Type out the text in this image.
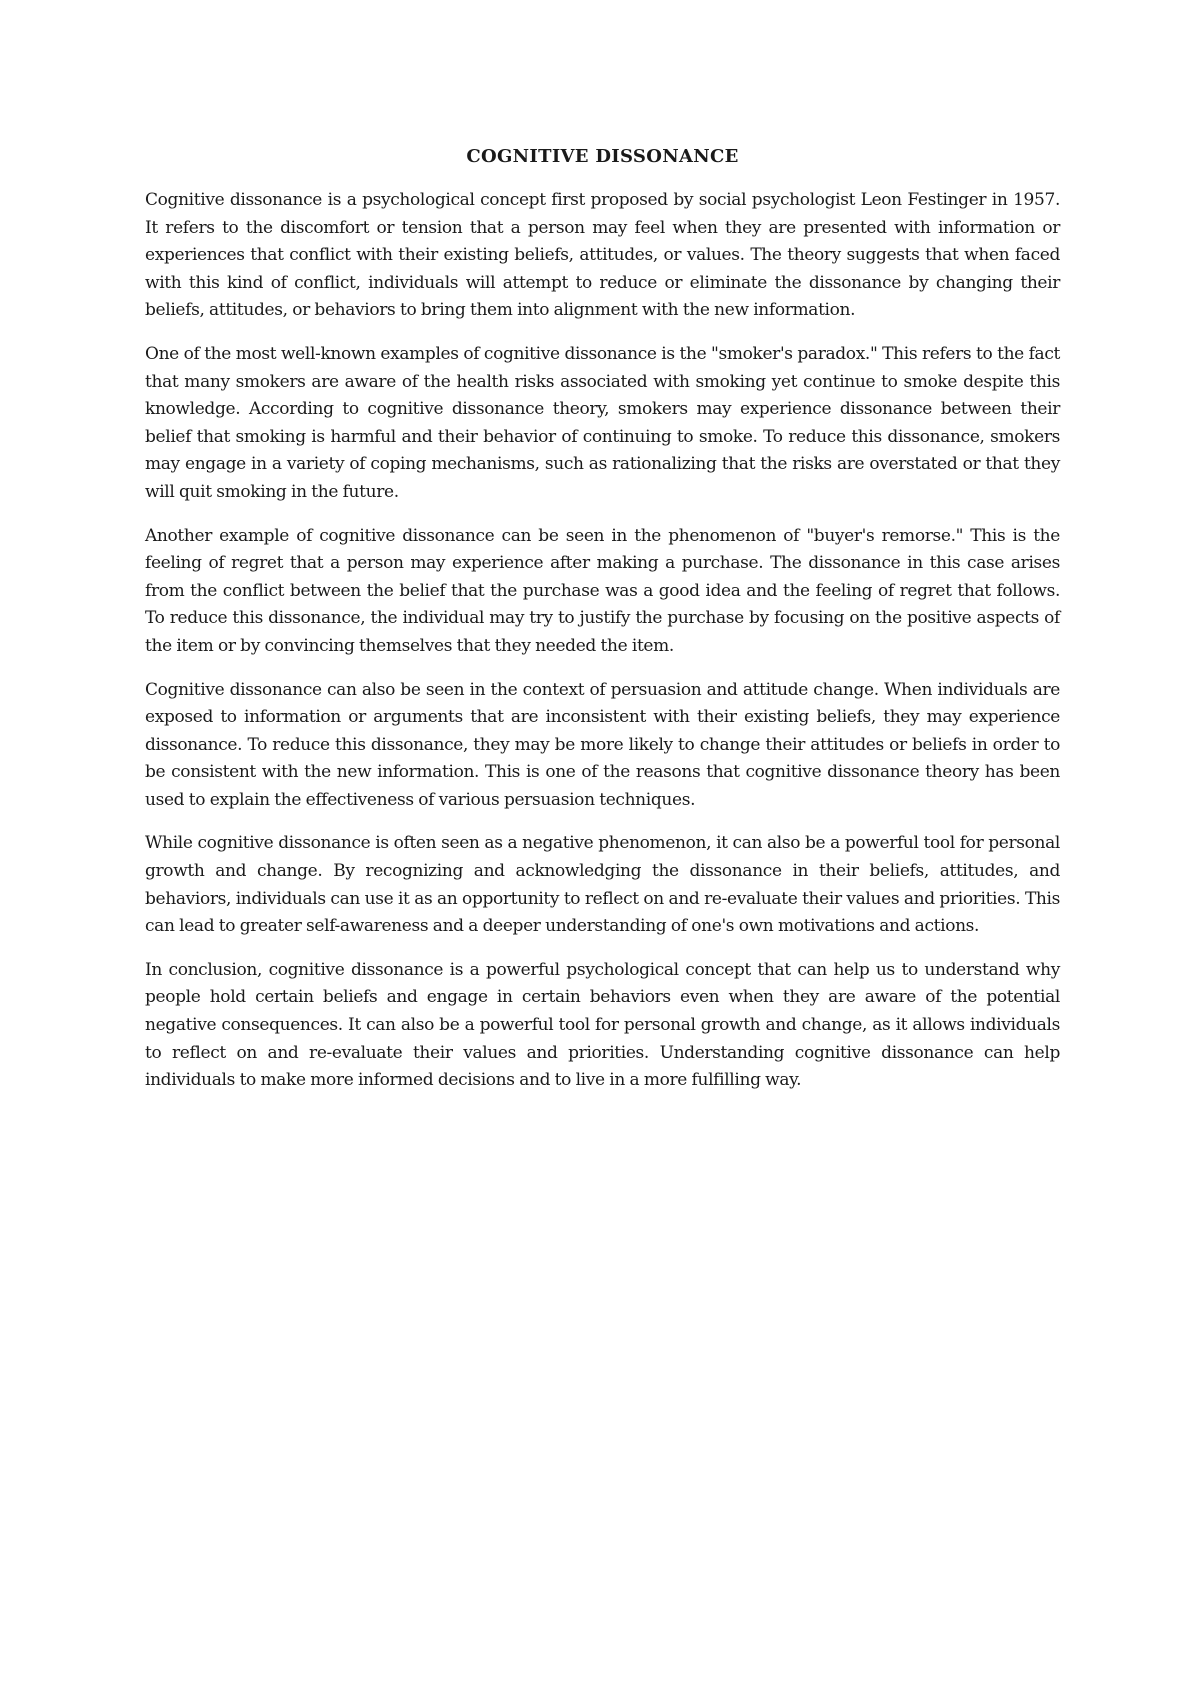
COGNITIVE DISSONANCE

Cognitive dissonance is a psychological concept first proposed by social psychologist Leon Festinger in 1957. It refers to the discomfort or tension that a person may feel when they are presented with information or experiences that conflict with their existing beliefs, attitudes, or values. The theory suggests that when faced with this kind of conflict, individuals will attempt to reduce or eliminate the dissonance by changing their beliefs, attitudes, or behaviors to bring them into alignment with the new information.

One of the most well-known examples of cognitive dissonance is the "smoker's paradox." This refers to the fact that many smokers are aware of the health risks associated with smoking yet continue to smoke despite this knowledge. According to cognitive dissonance theory, smokers may experience dissonance between their belief that smoking is harmful and their behavior of continuing to smoke. To reduce this dissonance, smokers may engage in a variety of coping mechanisms, such as rationalizing that the risks are overstated or that they will quit smoking in the future.

Another example of cognitive dissonance can be seen in the phenomenon of "buyer's remorse." This is the feeling of regret that a person may experience after making a purchase. The dissonance in this case arises from the conflict between the belief that the purchase was a good idea and the feeling of regret that follows. To reduce this dissonance, the individual may try to justify the purchase by focusing on the positive aspects of the item or by convincing themselves that they needed the item.

Cognitive dissonance can also be seen in the context of persuasion and attitude change. When individuals are exposed to information or arguments that are inconsistent with their existing beliefs, they may experience dissonance. To reduce this dissonance, they may be more likely to change their attitudes or beliefs in order to be consistent with the new information. This is one of the reasons that cognitive dissonance theory has been used to explain the effectiveness of various persuasion techniques.

While cognitive dissonance is often seen as a negative phenomenon, it can also be a powerful tool for personal growth and change. By recognizing and acknowledging the dissonance in their beliefs, attitudes, and behaviors, individuals can use it as an opportunity to reflect on and re-evaluate their values and priorities. This can lead to greater self-awareness and a deeper understanding of one's own motivations and actions.

In conclusion, cognitive dissonance is a powerful psychological concept that can help us to understand why people hold certain beliefs and engage in certain behaviors even when they are aware of the potential negative consequences. It can also be a powerful tool for personal growth and change, as it allows individuals to reflect on and re-evaluate their values and priorities. Understanding cognitive dissonance can help individuals to make more informed decisions and to live in a more fulfilling way.
